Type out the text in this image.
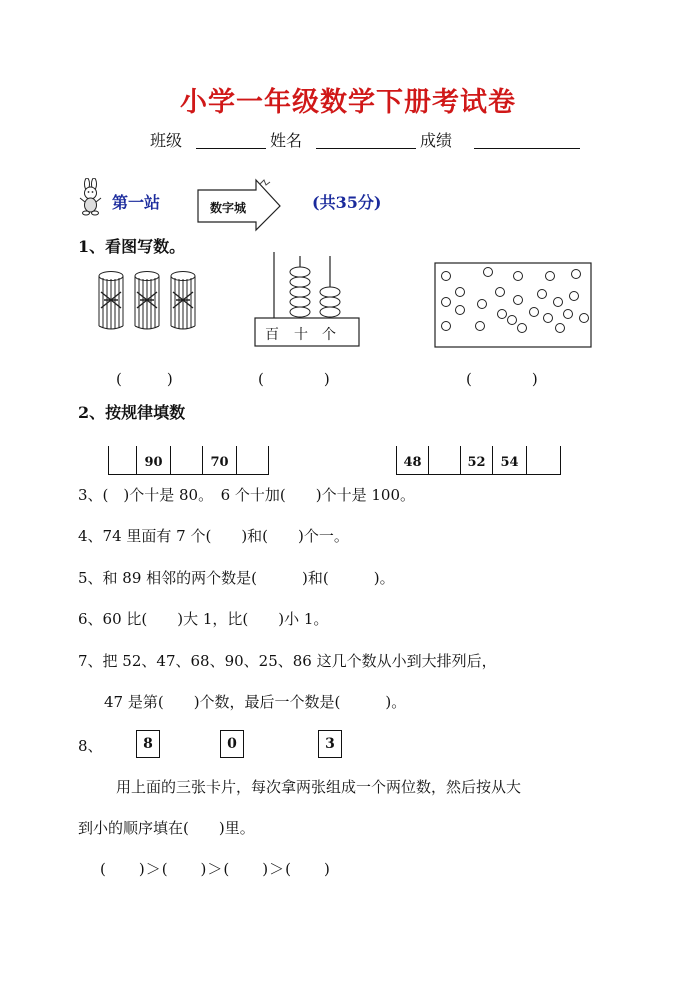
小学一年级数学下册考试卷
班级	姓名	成绩
第一站	数字城	(共35分)
1、看图写数。
百 十 个
(　　　)	(　　　　)	(　　　　)
2、按规律填数
90	70	48	52	54
3、(　)个十是 80。　6 个十加(　　)个十是 100。
4、74 里面有 7 个(　　)和(　　)个一。
5、和 89 相邻的两个数是(　　　)和(　　　)。
6、60 比(　　)大 1，比(　　)小 1。
7、把 52、47、68、90、25、86 这几个数从小到大排列后，
47 是第(　　)个数，最后一个数是(　　　)。
8、	8	0	3
用上面的三张卡片，每次拿两张组成一个两位数，然后按从大
到小的顺序填在(　　)里。
(　　)＞(　　)＞(　　)＞(　　)
